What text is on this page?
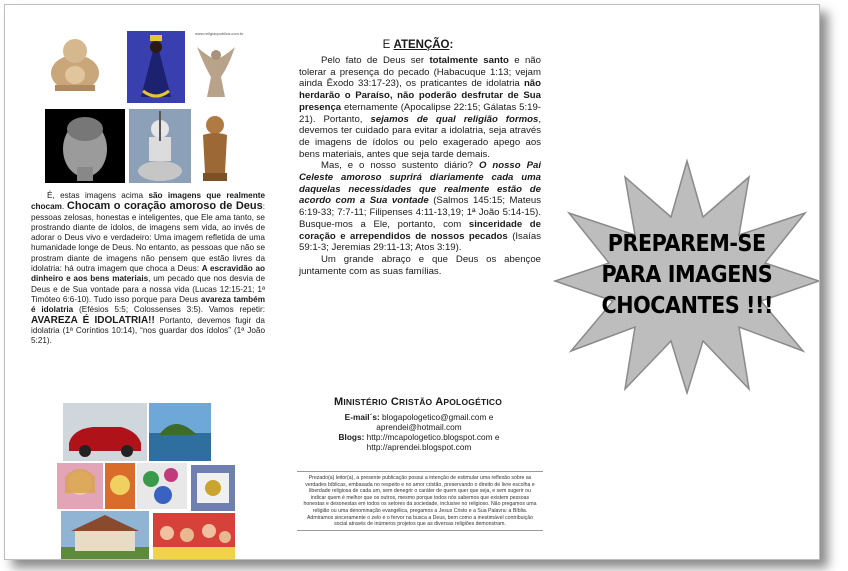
www.religiaopublica.com.br
É, estas imagens acima são imagens que realmente chocam. Chocam o coração amoroso de Deus: pessoas zelosas, honestas e inteligentes, que Ele ama tanto, se prostrando diante de ídolos, de imagens sem vida, ao invés de adorar o Deus vivo e verdadeiro: Uma imagem refletida de uma humanidade longe de Deus. No entanto, as pessoas que não se prostram diante de imagens não pensem que estão livres da idolatria: há outra imagem que choca a Deus: A escravidão ao dinheiro e aos bens materiais, um pecado que nos desvia de Deus e de Sua vontade para a nossa vida (Lucas 12:15-21; 1ª Timóteo 6:6-10). Tudo isso porque para Deus avareza também é idolatria (Efésios 5:5; Colossenses 3:5). Vamos repetir: AVAREZA É IDOLATRIA!! Portanto, devemos fugir da idolatria (1ª Coríntios 10:14), “nos guardar dos ídolos” (1ª João 5:21).
E ATENÇÃO:

Pelo fato de Deus ser totalmente santo e não tolerar a presença do pecado (Habacuque 1:13; vejam ainda Êxodo 33:17-23), os praticantes de idolatria não herdarão o Paraíso, não poderão desfrutar de Sua presença eternamente (Apocalipse 22:15; Gálatas 5:19-21). Portanto, sejamos de qual religião formos, devemos ter cuidado para evitar a idolatria, seja através de imagens de ídolos ou pelo exagerado apego aos bens materiais, antes que seja tarde demais.

Mas, e o nosso sustento diário? O nosso Pai Celeste amoroso suprirá diariamente cada uma daquelas necessidades que realmente estão de acordo com a Sua vontade (Salmos 145:15; Mateus 6:19-33; 7:7-11; Filipenses 4:11-13,19; 1ª João 5:14-15). Busque-mos a Ele, portanto, com sinceridade de coração e arrependidos de nossos pecados (Isaías 59:1-3; Jeremias 29:11-13; Atos 3:19).

Um grande abraço e que Deus os abençoe juntamente com as suas famílias.

MINISTÉRIO CRISTÃO APOLOGÉTICO
E-mail´s: blogapologetico@gmail.com e
aprendei@hotmail.com
Blogs: http://mcapologetico.blogspot.com e
http://aprendei.blogspot.com
Prezado(a) leitor(a), a presente publicação possui a intenção de estimular uma reflexão sobre as verdades bíblicas, embasada no respeito e no amor cristão, preservando o direito de livre escolha e liberdade religiosa de cada um, sem denegrir o caráter de quem quer que seja, e sem sugerir ou indicar quem é melhor que os outros, mesmo porque todos nós sabemos que existem pessoas honestas e desonestas em todos os setores da sociedade, inclusive no religioso. Não pregamos uma religião ou uma denominação evangélica, pregamos a Jesus Cristo e a Sua Palavra: a Bíblia. Admiramos sinceramente o zelo e o fervor na busca a Deus, bem como a inestimável contribuição social através de inúmeros projetos que as diversas religiões demonstram.
PREPAREM-SE
PARA IMAGENS
CHOCANTES !!!
